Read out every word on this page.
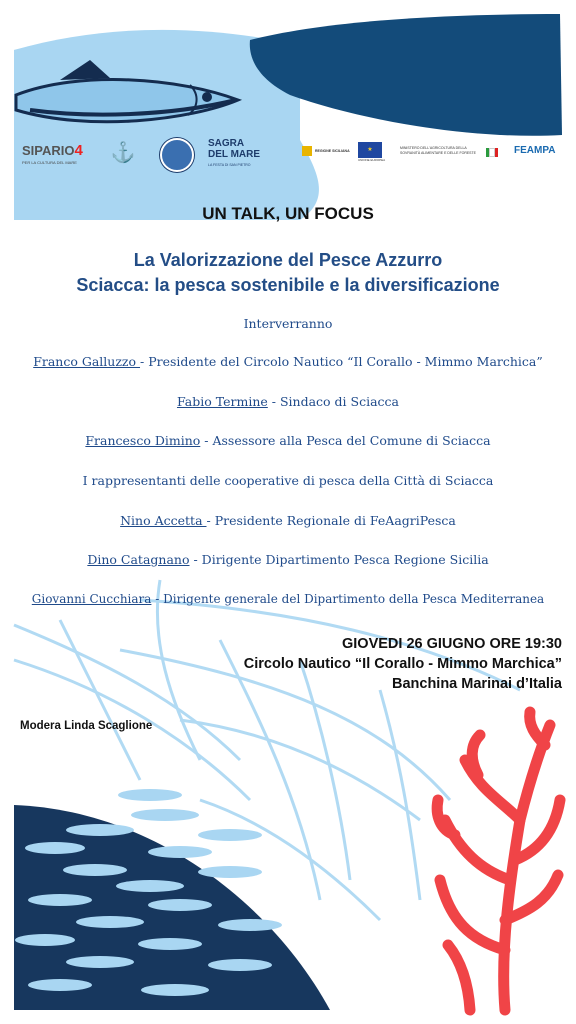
SIPARIO4
PER LA CULTURA DEL MARE ⚓	SAGRA
DEL MARE
LA FESTA DI SAN PIETRO
REGIONE SICILIANA	★
UNIONE EUROPEA
MINISTERO DELL'AGRICOLTURA DELLA SOVRANITÀ ALIMENTARE E DELLE FORESTE	FEAMPA
UN TALK, UN FOCUS
La Valorizzazione del Pesce Azzurro
Sciacca: la pesca sostenibile e la diversificazione
Interverranno
Franco Galluzzo - Presidente del Circolo Nautico “Il Corallo - Mimmo Marchica”
Fabio Termine - Sindaco di Sciacca
Francesco Dimino - Assessore alla Pesca del Comune di Sciacca
I rappresentanti delle cooperative di pesca della Città di Sciacca
Nino Accetta - Presidente Regionale di FeAagriPesca
Dino Catagnano - Dirigente Dipartimento Pesca Regione Sicilia
Giovanni Cucchiara - Dirigente generale del Dipartimento della Pesca Mediterranea
GIOVEDI 26 GIUGNO ORE 19:30
Circolo Nautico “Il Corallo - Mimmo Marchica”
Banchina Marinai d’Italia
Modera Linda Scaglione
